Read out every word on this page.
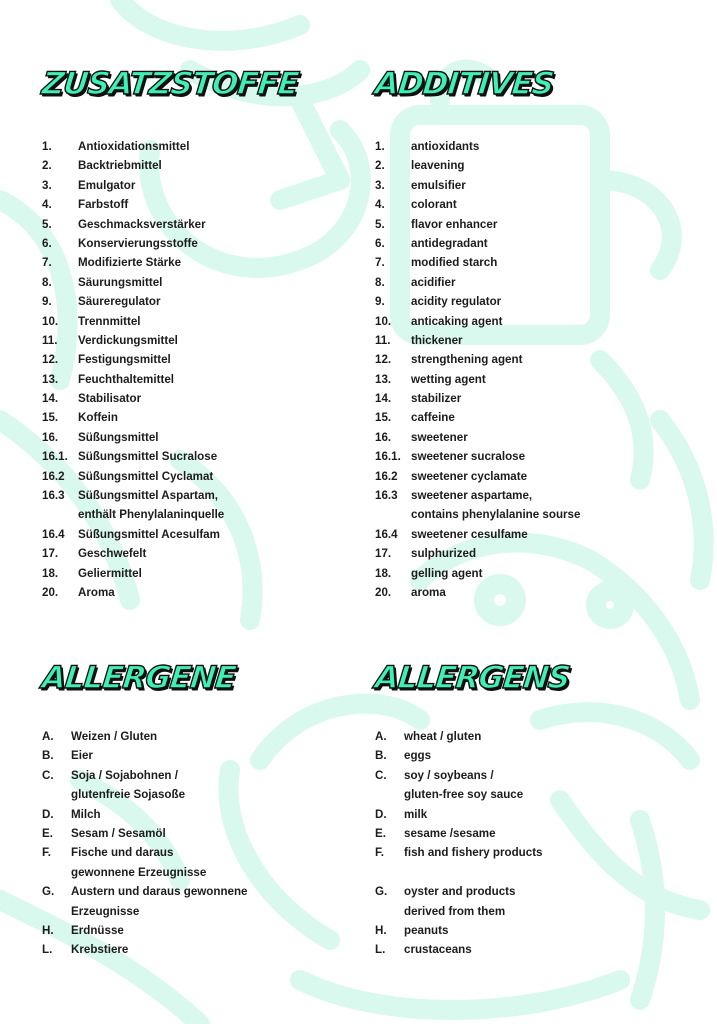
ZUSATZSTOFFE
1.	Antioxidationsmittel
2.	Backtriebmittel
3.	Emulgator
4.	Farbstoff
5.	Geschmacksverstärker
6.	Konservierungsstoffe
7.	Modifizierte Stärke
8.	Säurungsmittel
9.	Säureregulator
10.	Trennmittel
11.	Verdickungsmittel
12.	Festigungsmittel
13.	Feuchthaltemittel
14.	Stabilisator
15.	Koffein
16.	Süßungsmittel
16.1. Süßungsmittel Sucralose
16.2	Süßungsmittel Cyclamat
16.3	Süßungsmittel Aspartam,
enthält Phenylalaninquelle
16.4	Süßungsmittel Acesulfam
17.	Geschwefelt
18.	Geliermittel
20.	Aroma
ADDITIVES
1.	antioxidants
2.	leavening
3.	emulsifier
4.	colorant
5.	flavor enhancer
6.	antidegradant
7.	modified starch
8.	acidifier
9.	acidity regulator
10.	anticaking agent
11.	thickener
12.	strengthening agent
13.	wetting agent
14.	stabilizer
15.	caffeine
16.	sweetener
16.1. sweetener sucralose
16.2	sweetener cyclamate
16.3	sweetener aspartame,
contains phenylalanine sourse
16.4	sweetener cesulfame
17.	sulphurized
18.	gelling agent
20.	aroma
ALLERGENE
A.	Weizen / Gluten
B.	Eier
C.	Soja / Sojabohnen /
glutenfreie Sojasoße
D.	Milch
E.	Sesam / Sesamöl
F.	Fische und daraus
gewonnene Erzeugnisse
G.	Austern und daraus gewonnene
Erzeugnisse
H.	Erdnüsse
L.	Krebstiere
ALLERGENS
A.	wheat / gluten
B.	eggs
C.	soy / soybeans /
gluten-free soy sauce
D.	milk
E.	sesame /sesame
F.	fish and fishery products
G.	oyster and products
derived from them
H.	peanuts
L.	crustaceans
